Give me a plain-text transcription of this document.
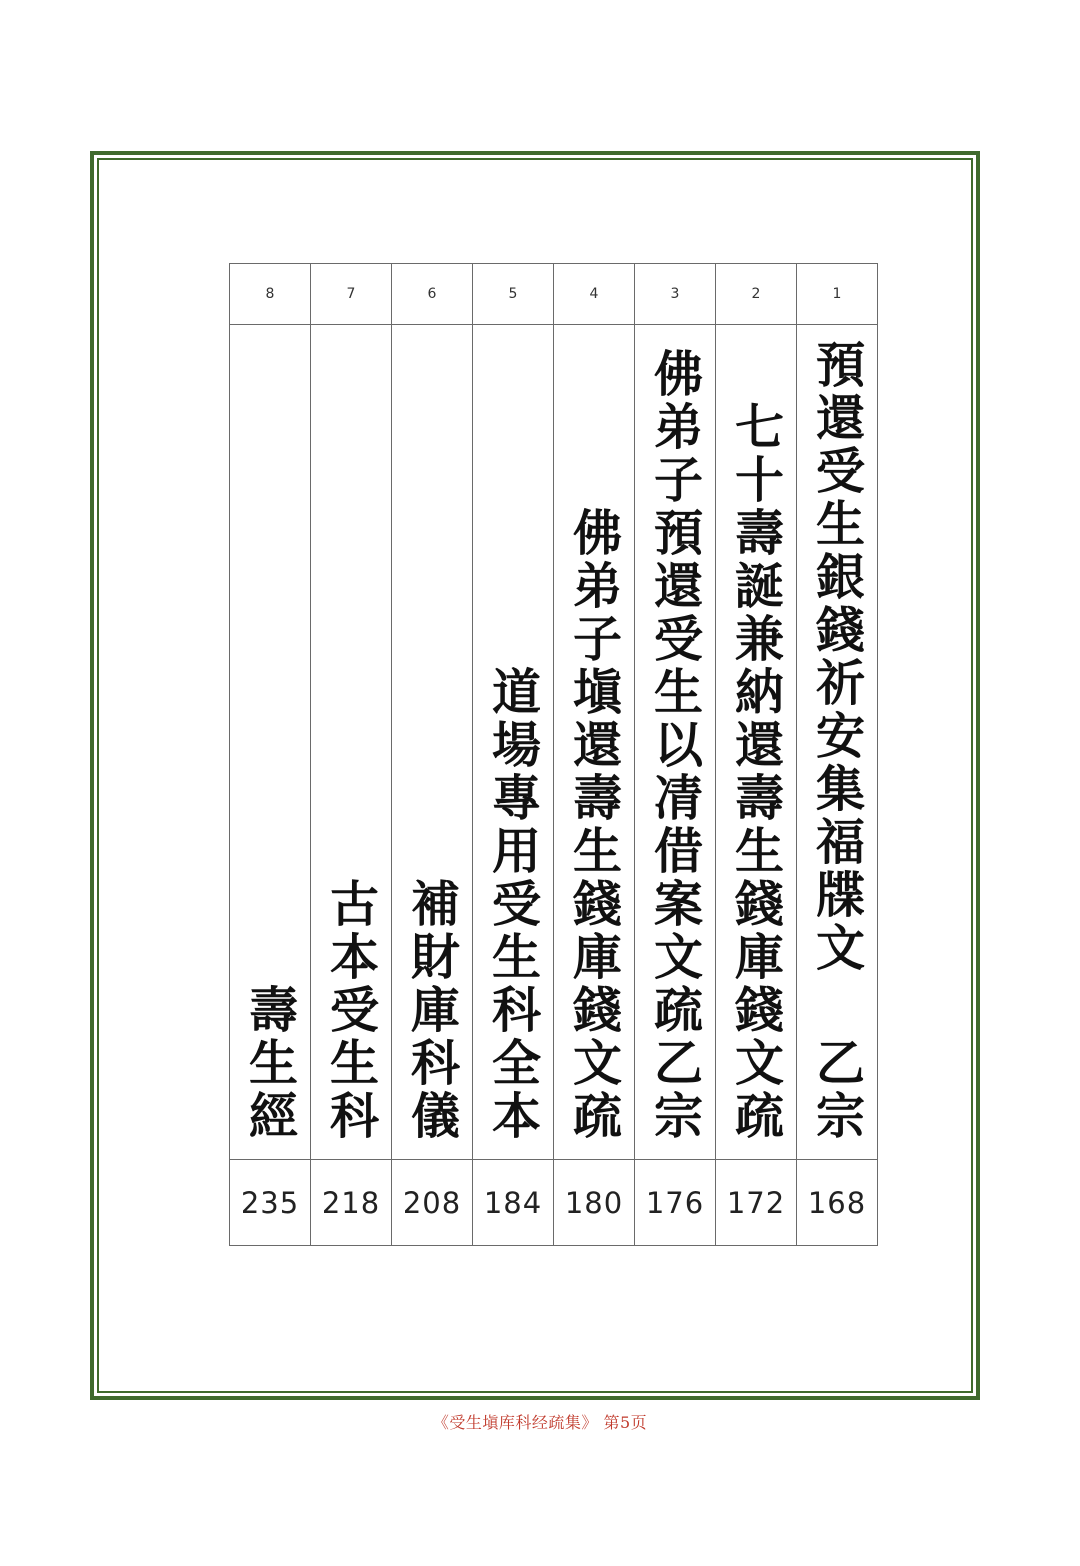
8	7	6	5	4	3	2	1
壽生經	古本受生科	補財庫科儀	道場專用受生科全本	佛弟子塡還壽生錢庫錢文疏	佛弟子預還受生以凊借案文疏乙宗	七十壽誕兼納還壽生錢庫錢文疏	預還受生銀錢祈安集福牒文 乙宗
235	218	208	184	180	176	172	168
《受生塡库科经疏集》 第5页
